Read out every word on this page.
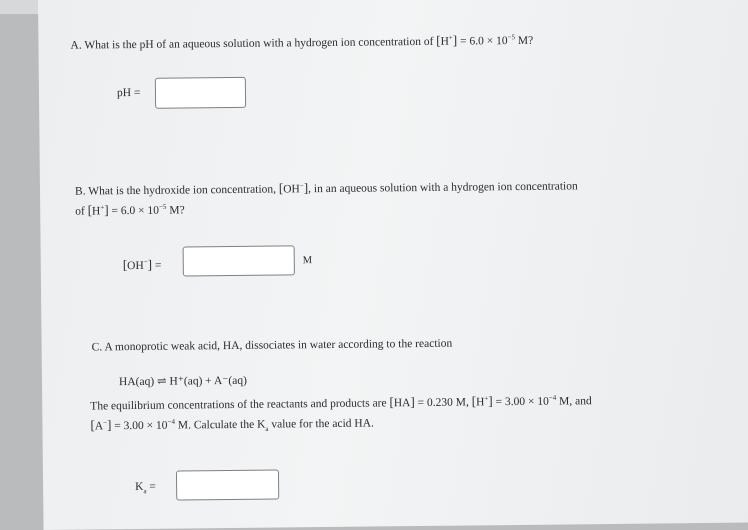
A. What is the pH of an aqueous solution with a hydrogen ion concentration of $[H^+] = 6.0 \times 10^{-5}$ M?
pH =
B. What is the hydroxide ion concentration, [OH−], in an aqueous solution with a hydrogen ion concentration
of $[H^+] = 6.0 \times 10^{-5}$ M?
[OH−] =	M
C. A monoprotic weak acid, HA, dissociates in water according to the reaction
HA(aq) ⇌ H⁺(aq) + A⁻(aq)
The equilibrium concentrations of the reactants and products are [HA] = 0.230 M, $[H^+] = 3.00 \times 10^{-4}$ M, and
$[A^-] = 3.00 \times 10^{-4}$ M. Calculate the $K_a$ value for the acid HA.
$K_a$ =
